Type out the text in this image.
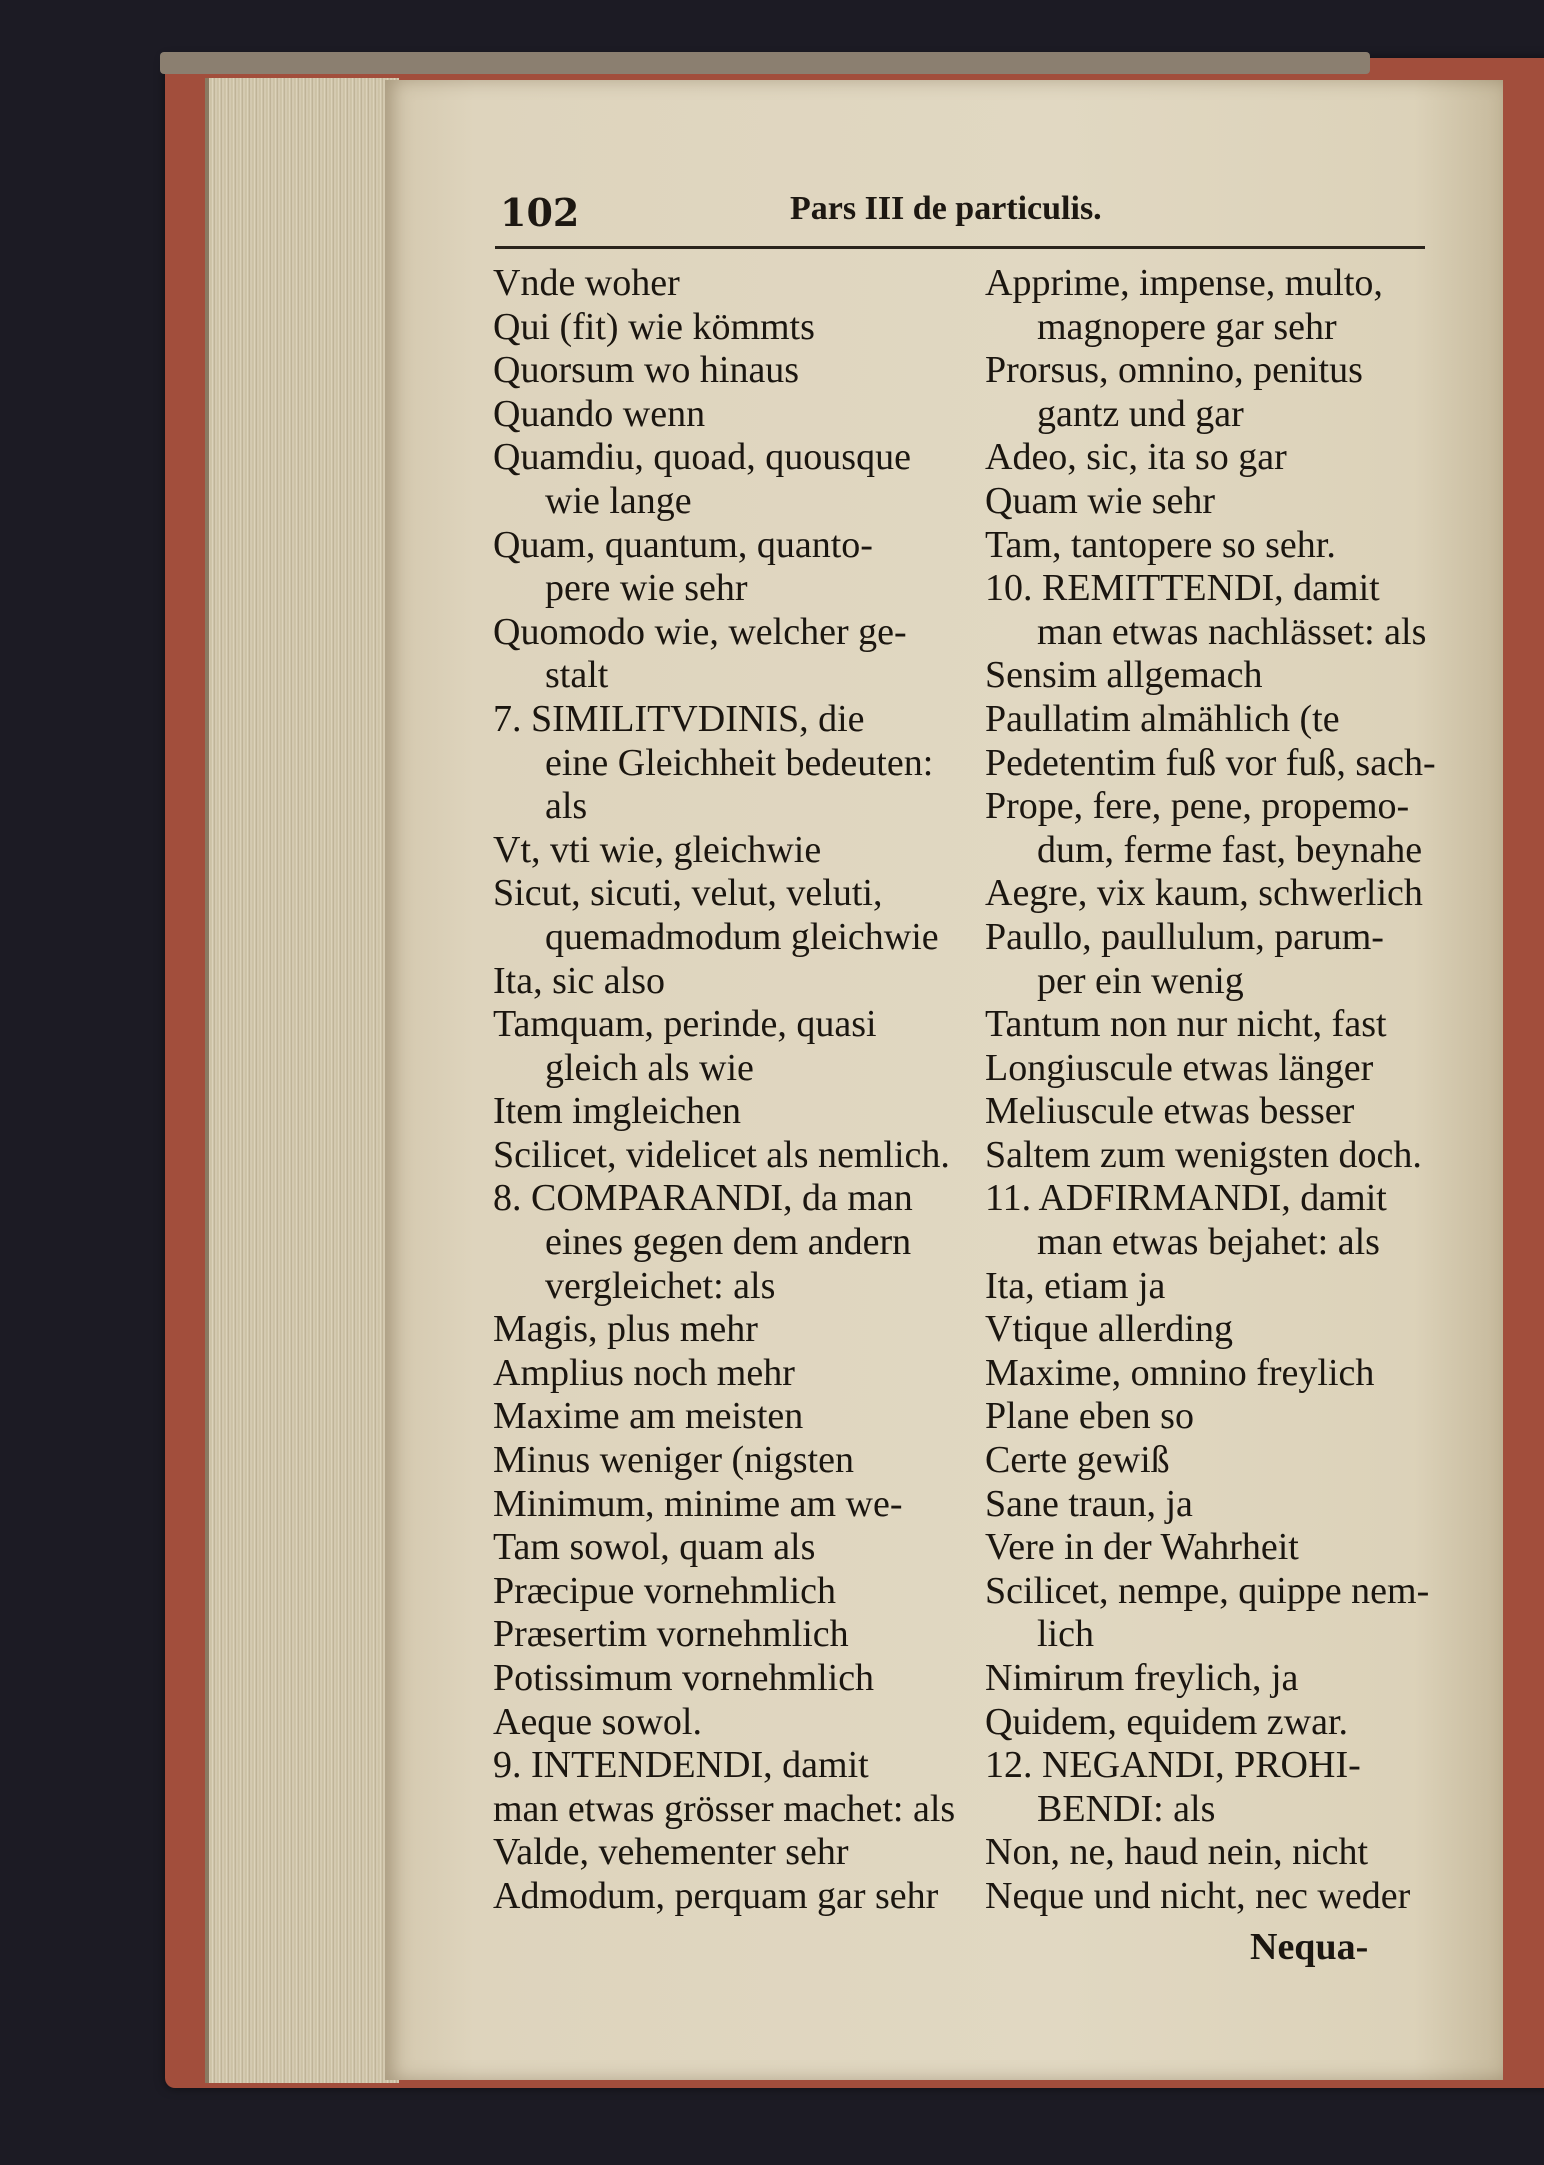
102	Pars III de particulis.
Vnde woher
Qui (fit) wie kömmts
Quorsum wo hinaus
Quando wenn
Quamdiu, quoad, quousque
wie lange
Quam, quantum, quanto-
pere wie sehr
Quomodo wie, welcher ge-
stalt
7. SIMILITVDINIS, die
eine Gleichheit bedeuten:
als
Vt, vti wie, gleichwie
Sicut, sicuti, velut, veluti,
quemadmodum gleichwie
Ita, sic also
Tamquam, perinde, quasi
gleich als wie
Item imgleichen
Scilicet, videlicet als nemlich.
8. COMPARANDI, da man
eines gegen dem andern
vergleichet: als
Magis, plus mehr
Amplius noch mehr
Maxime am meisten
Minus weniger (nigsten
Minimum, minime am we-
Tam sowol, quam als
Præcipue vornehmlich
Præsertim vornehmlich
Potissimum vornehmlich
Aeque sowol.
9. INTENDENDI, damit
man etwas grösser machet: als
Valde, vehementer sehr
Admodum, perquam gar sehr
Apprime, impense, multo,
magnopere gar sehr
Prorsus, omnino, penitus
gantz und gar
Adeo, sic, ita so gar
Quam wie sehr
Tam, tantopere so sehr.
10. REMITTENDI, damit
man etwas nachlässet: als
Sensim allgemach
Paullatim almählich (te
Pedetentim fuß vor fuß, sach-
Prope, fere, pene, propemo-
dum, ferme fast, beynahe
Aegre, vix kaum, schwerlich
Paullo, paullulum, parum-
per ein wenig
Tantum non nur nicht, fast
Longiuscule etwas länger
Meliuscule etwas besser
Saltem zum wenigsten doch.
11. ADFIRMANDI, damit
man etwas bejahet: als
Ita, etiam ja
Vtique allerding
Maxime, omnino freylich
Plane eben so
Certe gewiß
Sane traun, ja
Vere in der Wahrheit
Scilicet, nempe, quippe nem-
lich
Nimirum freylich, ja
Quidem, equidem zwar.
12. NEGANDI, PROHI-
BENDI: als
Non, ne, haud nein, nicht
Neque und nicht, nec weder
Nequa-
